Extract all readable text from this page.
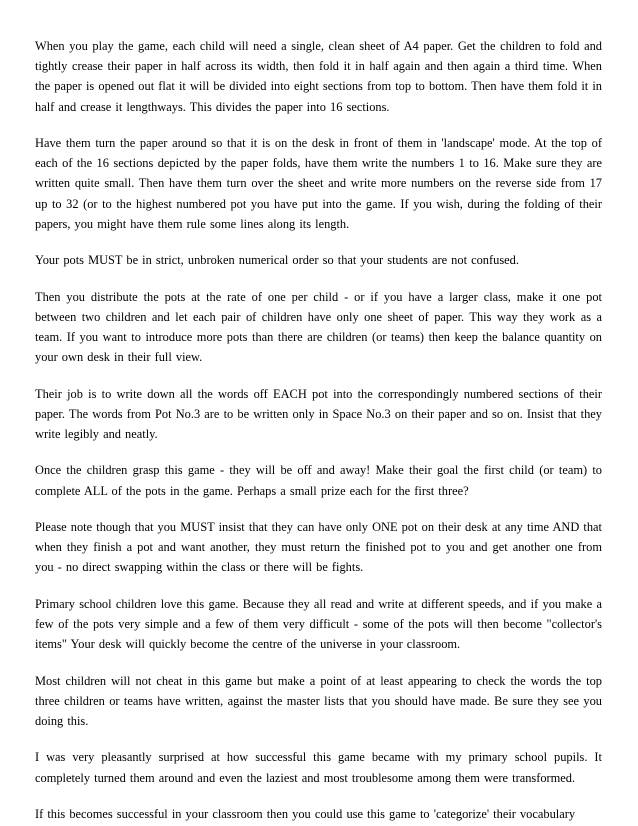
When you play the game, each child will need a single, clean sheet of A4 paper. Get the children to fold and tightly crease their paper in half across its width, then fold it in half again and then again a third time. When the paper is opened out flat it will be divided into eight sections from top to bottom. Then have them fold it in half and crease it lengthways. This divides the paper into 16 sections.

Have them turn the paper around so that it is on the desk in front of them in 'landscape' mode. At the top of each of the 16 sections depicted by the paper folds, have them write the numbers 1 to 16. Make sure they are written quite small. Then have them turn over the sheet and write more numbers on the reverse side from 17 up to 32 (or to the highest numbered pot you have put into the game. If you wish, during the folding of their papers, you might have them rule some lines along its length.

Your pots MUST be in strict, unbroken numerical order so that your students are not confused.

Then you distribute the pots at the rate of one per child - or if you have a larger class, make it one pot between two children and let each pair of children have only one sheet of paper. This way they work as a team. If you want to introduce more pots than there are children (or teams) then keep the balance quantity on your own desk in their full view.

Their job is to write down all the words off EACH pot into the correspondingly numbered sections of their paper. The words from Pot No.3 are to be written only in Space No.3 on their paper and so on. Insist that they write legibly and neatly.

Once the children grasp this game - they will be off and away! Make their goal the first child (or team) to complete ALL of the pots in the game. Perhaps a small prize each for the first three?

Please note though that you MUST insist that they can have only ONE pot on their desk at any time AND that when they finish a pot and want another, they must return the finished pot to you and get another one from you - no direct swapping within the class or there will be fights.

Primary school children love this game. Because they all read and write at different speeds, and if you make a few of the pots very simple and a few of them very difficult - some of the pots will then become "collector's items" Your desk will quickly become the centre of the universe in your classroom.

Most children will not cheat in this game but make a point of at least appearing to check the words the top three children or teams have written, against the master lists that you should have made. Be sure they see you doing this.

I was very pleasantly surprised at how successful this game became with my primary school pupils. It completely turned them around and even the laziest and most troublesome among them were transformed.

If this becomes successful in your classroom then you could use this game to 'categorize' their vocabulary
